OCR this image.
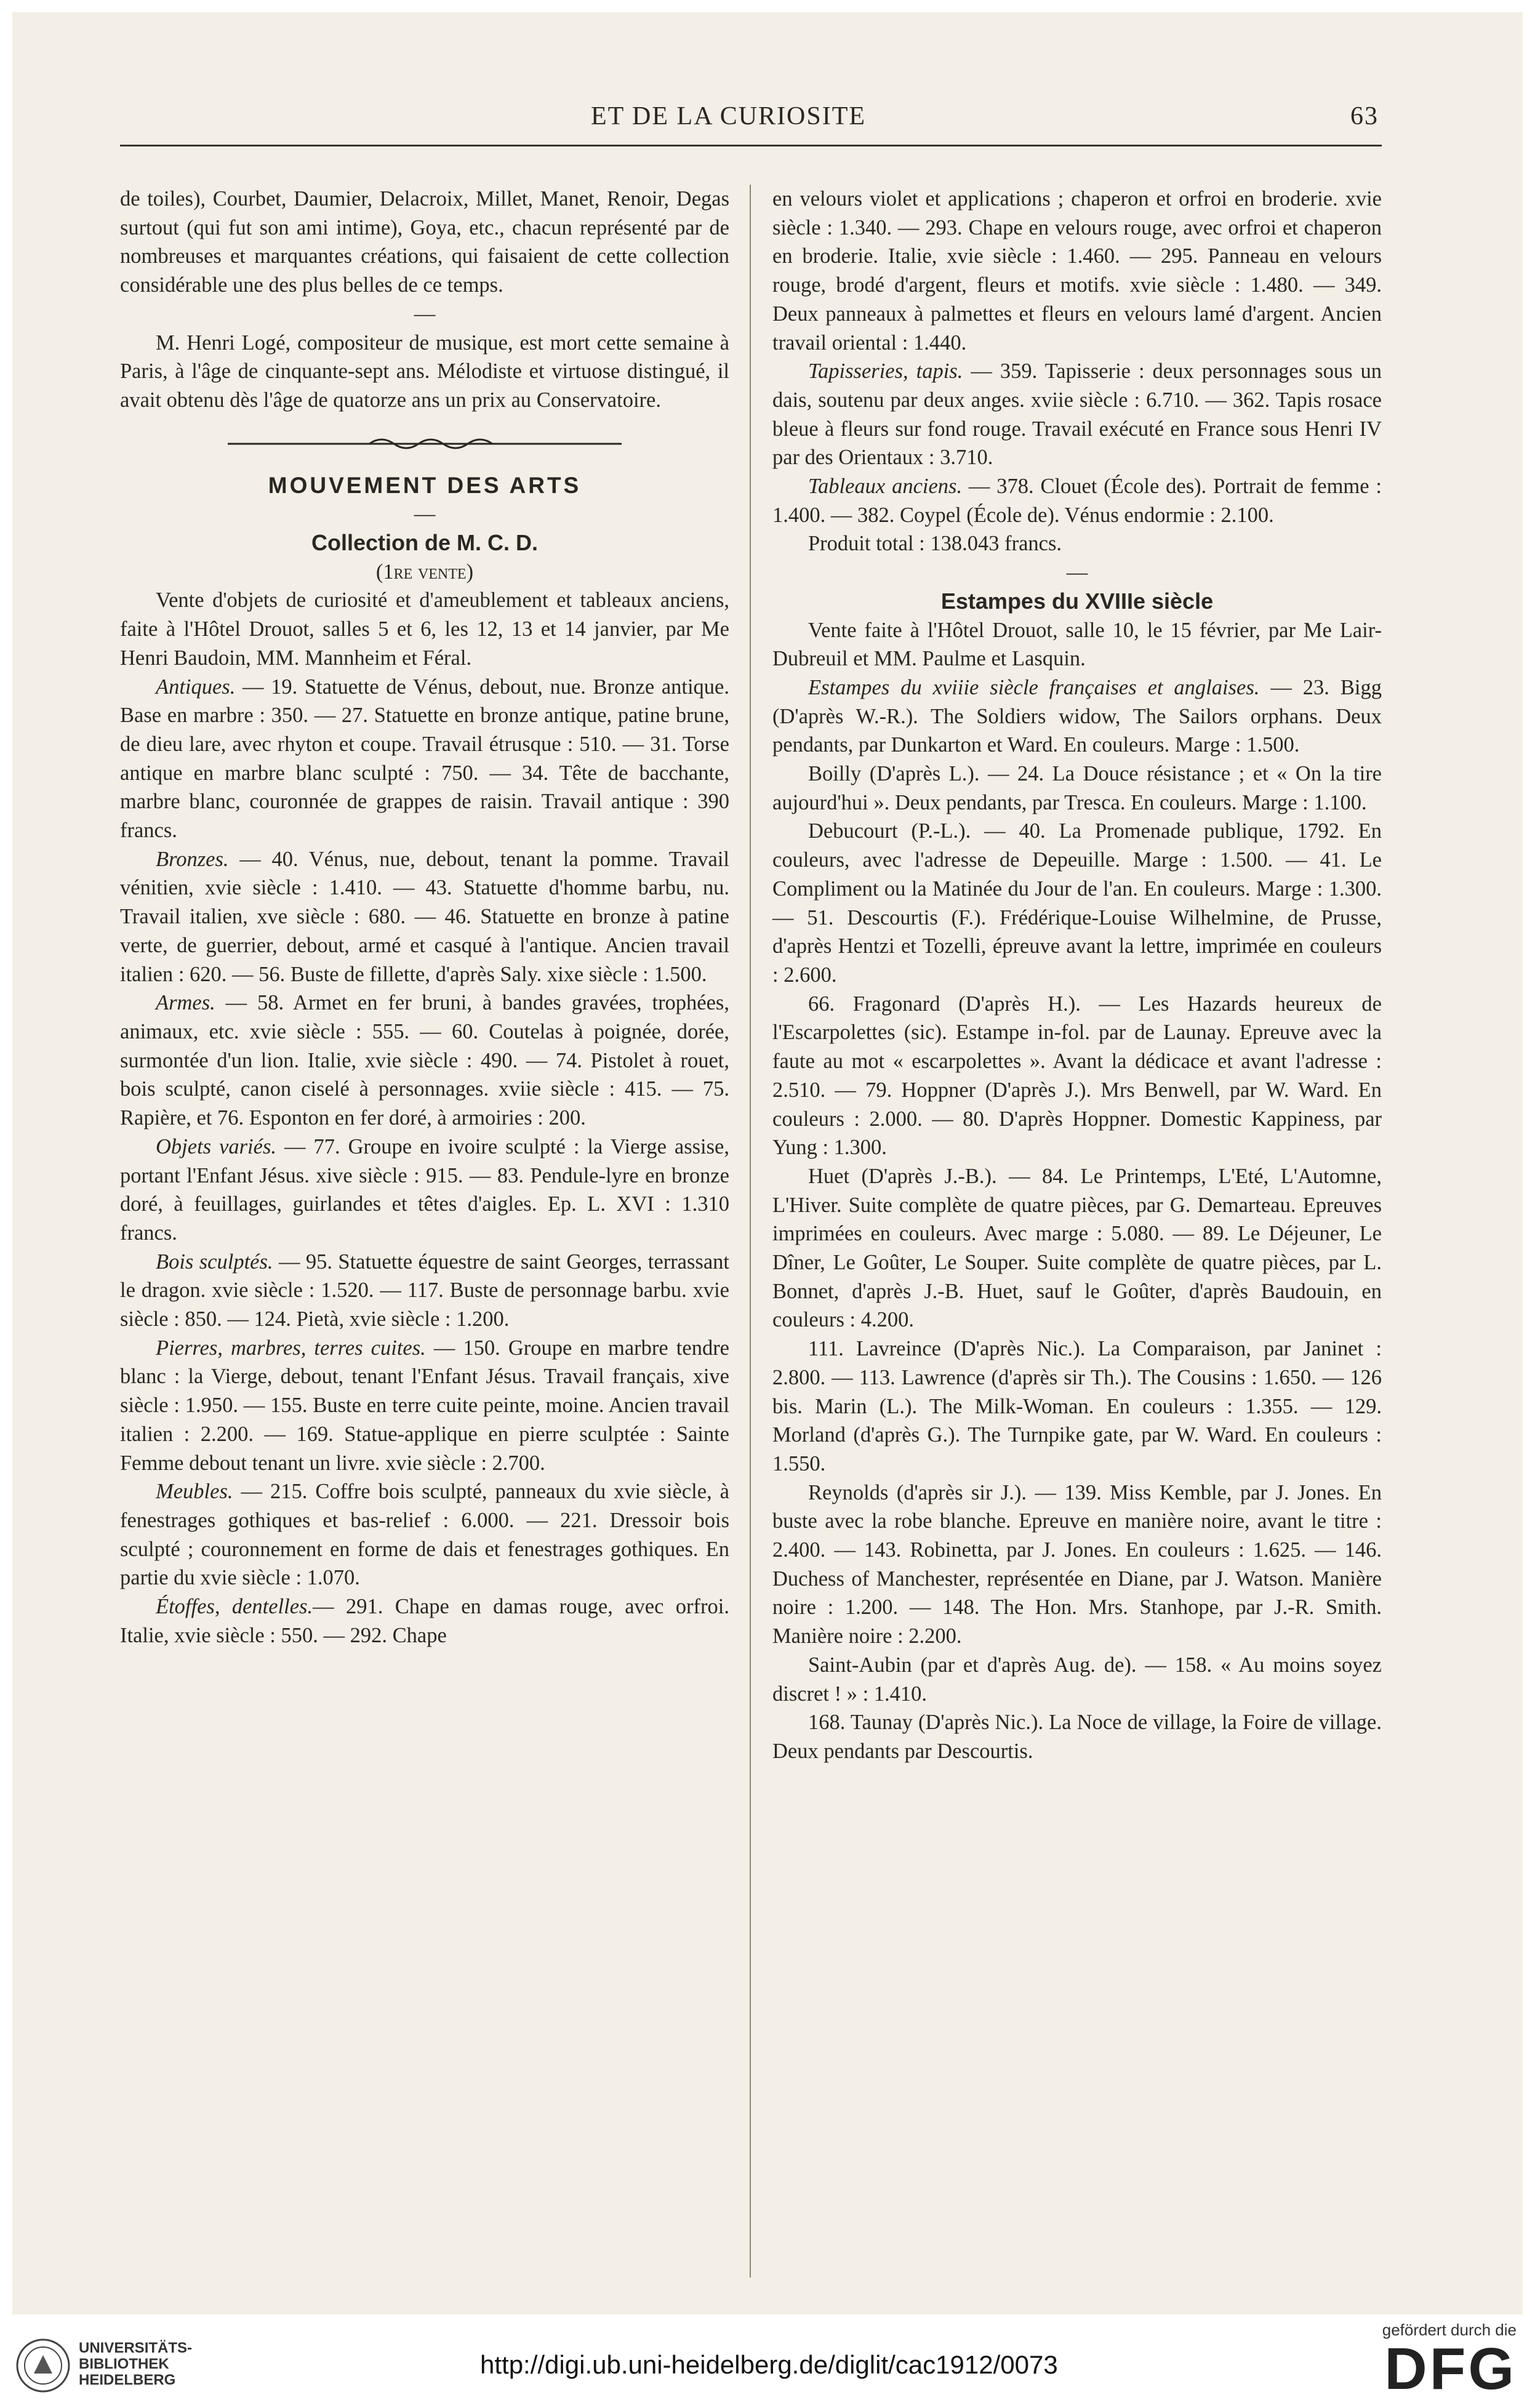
ET DE LA CURIOSITE	63

de toiles), Courbet, Daumier, Delacroix, Millet, Manet, Renoir, Degas surtout (qui fut son ami intime), Goya, etc., chacun représenté par de nombreuses et marquantes créations, qui faisaient de cette collection considérable une des plus belles de ce temps.

—

M. Henri Logé, compositeur de musique, est mort cette semaine à Paris, à l'âge de cinquante-sept ans. Mélodiste et virtuose distingué, il avait obtenu dès l'âge de quatorze ans un prix au Conservatoire.

MOUVEMENT DES ARTS

—

Collection de M. C. D.

(1re vente)

Vente d'objets de curiosité et d'ameublement et tableaux anciens, faite à l'Hôtel Drouot, salles 5 et 6, les 12, 13 et 14 janvier, par Me Henri Baudoin, MM. Mannheim et Féral.

Antiques. — 19. Statuette de Vénus, debout, nue. Bronze antique. Base en marbre : 350. — 27. Statuette en bronze antique, patine brune, de dieu lare, avec rhyton et coupe. Travail étrusque : 510. — 31. Torse antique en marbre blanc sculpté : 750. — 34. Tête de bacchante, marbre blanc, couronnée de grappes de raisin. Travail antique : 390 francs.

Bronzes. — 40. Vénus, nue, debout, tenant la pomme. Travail vénitien, xvie siècle : 1.410. — 43. Statuette d'homme barbu, nu. Travail italien, xve siècle : 680. — 46. Statuette en bronze à patine verte, de guerrier, debout, armé et casqué à l'antique. Ancien travail italien : 620. — 56. Buste de fillette, d'après Saly. xixe siècle : 1.500.

Armes. — 58. Armet en fer bruni, à bandes gravées, trophées, animaux, etc. xvie siècle : 555. — 60. Coutelas à poignée, dorée, surmontée d'un lion. Italie, xvie siècle : 490. — 74. Pistolet à rouet, bois sculpté, canon ciselé à personnages. xviie siècle : 415. — 75. Rapière, et 76. Esponton en fer doré, à armoiries : 200.

Objets variés. — 77. Groupe en ivoire sculpté : la Vierge assise, portant l'Enfant Jésus. xive siècle : 915. — 83. Pendule-lyre en bronze doré, à feuillages, guirlandes et têtes d'aigles. Ep. L. XVI : 1.310 francs.

Bois sculptés. — 95. Statuette équestre de saint Georges, terrassant le dragon. xvie siècle : 1.520. — 117. Buste de personnage barbu. xvie siècle : 850. — 124. Pietà, xvie siècle : 1.200.

Pierres, marbres, terres cuites. — 150. Groupe en marbre tendre blanc : la Vierge, debout, tenant l'Enfant Jésus. Travail français, xive siècle : 1.950. — 155. Buste en terre cuite peinte, moine. Ancien travail italien : 2.200. — 169. Statue-applique en pierre sculptée : Sainte Femme debout tenant un livre. xvie siècle : 2.700.

Meubles. — 215. Coffre bois sculpté, panneaux du xvie siècle, à fenestrages gothiques et bas-relief : 6.000. — 221. Dressoir bois sculpté ; couronnement en forme de dais et fenestrages gothiques. En partie du xvie siècle : 1.070.

Étoffes, dentelles.— 291. Chape en damas rouge, avec orfroi. Italie, xvie siècle : 550. — 292. Chape

en velours violet et applications ; chaperon et orfroi en broderie. xvie siècle : 1.340. — 293. Chape en velours rouge, avec orfroi et chaperon en broderie. Italie, xvie siècle : 1.460. — 295. Panneau en velours rouge, brodé d'argent, fleurs et motifs. xvie siècle : 1.480. — 349. Deux panneaux à palmettes et fleurs en velours lamé d'argent. Ancien travail oriental : 1.440.

Tapisseries, tapis. — 359. Tapisserie : deux personnages sous un dais, soutenu par deux anges. xviie siècle : 6.710. — 362. Tapis rosace bleue à fleurs sur fond rouge. Travail exécuté en France sous Henri IV par des Orientaux : 3.710.

Tableaux anciens. — 378. Clouet (École des). Portrait de femme : 1.400. — 382. Coypel (École de). Vénus endormie : 2.100.

Produit total : 138.043 francs.

—

Estampes du XVIIIe siècle

Vente faite à l'Hôtel Drouot, salle 10, le 15 février, par Me Lair-Dubreuil et MM. Paulme et Lasquin.

Estampes du xviiie siècle françaises et anglaises. — 23. Bigg (D'après W.-R.). The Soldiers widow, The Sailors orphans. Deux pendants, par Dunkarton et Ward. En couleurs. Marge : 1.500.

Boilly (D'après L.). — 24. La Douce résistance ; et « On la tire aujourd'hui ». Deux pendants, par Tresca. En couleurs. Marge : 1.100.

Debucourt (P.-L.). — 40. La Promenade publique, 1792. En couleurs, avec l'adresse de Depeuille. Marge : 1.500. — 41. Le Compliment ou la Matinée du Jour de l'an. En couleurs. Marge : 1.300. — 51. Descourtis (F.). Frédérique-Louise Wilhelmine, de Prusse, d'après Hentzi et Tozelli, épreuve avant la lettre, imprimée en couleurs : 2.600.

66. Fragonard (D'après H.). — Les Hazards heureux de l'Escarpolettes (sic). Estampe in-fol. par de Launay. Epreuve avec la faute au mot « escarpolettes ». Avant la dédicace et avant l'adresse : 2.510. — 79. Hoppner (D'après J.). Mrs Benwell, par W. Ward. En couleurs : 2.000. — 80. D'après Hoppner. Domestic Kappiness, par Yung : 1.300.

Huet (D'après J.-B.). — 84. Le Printemps, L'Eté, L'Automne, L'Hiver. Suite complète de quatre pièces, par G. Demarteau. Epreuves imprimées en couleurs. Avec marge : 5.080. — 89. Le Déjeuner, Le Dîner, Le Goûter, Le Souper. Suite complète de quatre pièces, par L. Bonnet, d'après J.-B. Huet, sauf le Goûter, d'après Baudouin, en couleurs : 4.200.

111. Lavreince (D'après Nic.). La Comparaison, par Janinet : 2.800. — 113. Lawrence (d'après sir Th.). The Cousins : 1.650. — 126 bis. Marin (L.). The Milk-Woman. En couleurs : 1.355. — 129. Morland (d'après G.). The Turnpike gate, par W. Ward. En couleurs : 1.550.

Reynolds (d'après sir J.). — 139. Miss Kemble, par J. Jones. En buste avec la robe blanche. Epreuve en manière noire, avant le titre : 2.400. — 143. Robinetta, par J. Jones. En couleurs : 1.625. — 146. Duchess of Manchester, représentée en Diane, par J. Watson. Manière noire : 1.200. — 148. The Hon. Mrs. Stanhope, par J.-R. Smith. Manière noire : 2.200.

Saint-Aubin (par et d'après Aug. de). — 158. « Au moins soyez discret ! » : 1.410.

168. Taunay (D'après Nic.). La Noce de village, la Foire de village. Deux pendants par Descourtis.

UNIVERSITÄTS-
BIBLIOTHEK
HEIDELBERG
http://digi.ub.uni-heidelberg.de/diglit/cac1912/0073
gefördert durch die
DFG
